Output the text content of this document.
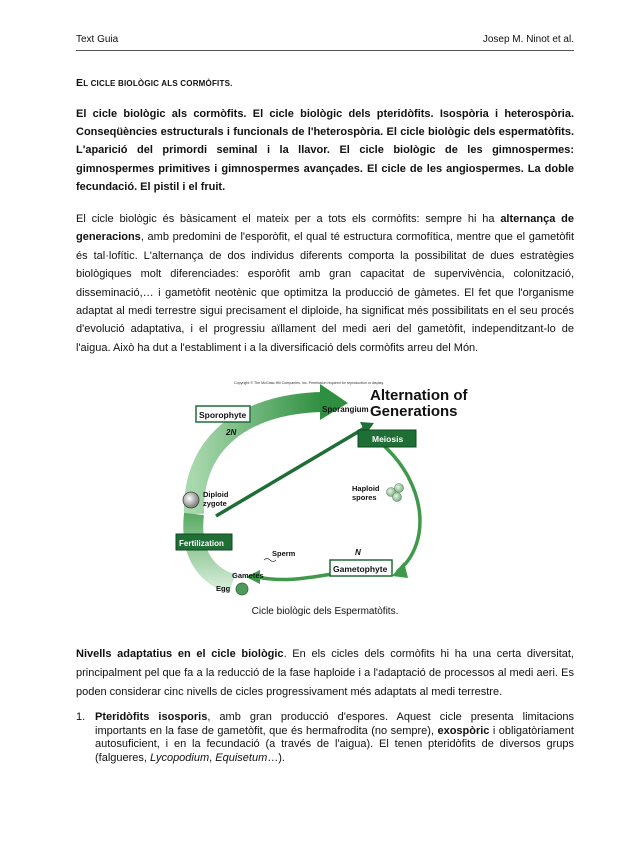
Text Guia	Josep M. Ninot et al.
EL CICLE BIOLÒGIC ALS CORMÒFITS.

El cicle biològic als cormòfits. El cicle biològic dels pteridòfits. Isospòria i heterospòria. Conseqüències estructurals i funcionals de l'heterospòria. El cicle biològic dels espermatòfits. L'aparició del primordi seminal i la llavor. El cicle biològic de les gimnospermes: gimnospermes primitives i gimnospermes avançades. El cicle de les angiospermes. La doble fecundació. El pistil i el fruit.

El cicle biològic és bàsicament el mateix per a tots els cormòfits: sempre hi ha alternança de generacions, amb predomini de l'esporòfit, el qual té estructura cormofítica, mentre que el gametòfit és tal·lofític. L'alternança de dos individus diferents comporta la possibilitat de dues estratègies biològiques molt diferenciades: esporòfit amb gran capacitat de supervivència, colonització, disseminació,… i gametòfit neotènic que optimitza la producció de gàmetes. El fet que l'organisme adaptat al medi terrestre sigui precisament el diploide, ha significat més possibilitats en el seu procés d'evolució adaptativa, i el progressiu aïllament del medi aeri del gametòfit, independitzant-lo de l'aigua. Això ha dut a l'establiment i a la diversificació dels cormòfits arreu del Món.

Copyright © The McGraw-Hill Companies, Inc. Permission required for reproduction or display.
Alternation of
Generations
Sporophyte
2N
Sporangium
Meiosis
Haploid
spores
N
Gametophyte
Sperm
Gametes
Egg
Fertilization
Diploid
zygote
Cicle biològic dels Espermatòfits.

Nivells adaptatius en el cicle biològic. En els cicles dels cormòfits hi ha una certa diversitat, principalment pel que fa a la reducció de la fase haploide i a l'adaptació de processos al medi aeri. Es poden considerar cinc nivells de cicles progressivament més adaptats al medi terrestre.

1. Pteridòfits isosporis, amb gran producció d'espores. Aquest cicle presenta limitacions importants en la fase de gametòfit, que és hermafrodita (no sempre), exospòric i obligatòriament autosuficient, i en la fecundació (a través de l'aigua). El tenen pteridòfits de diversos grups (falgueres, Lycopodium, Equisetum…).
